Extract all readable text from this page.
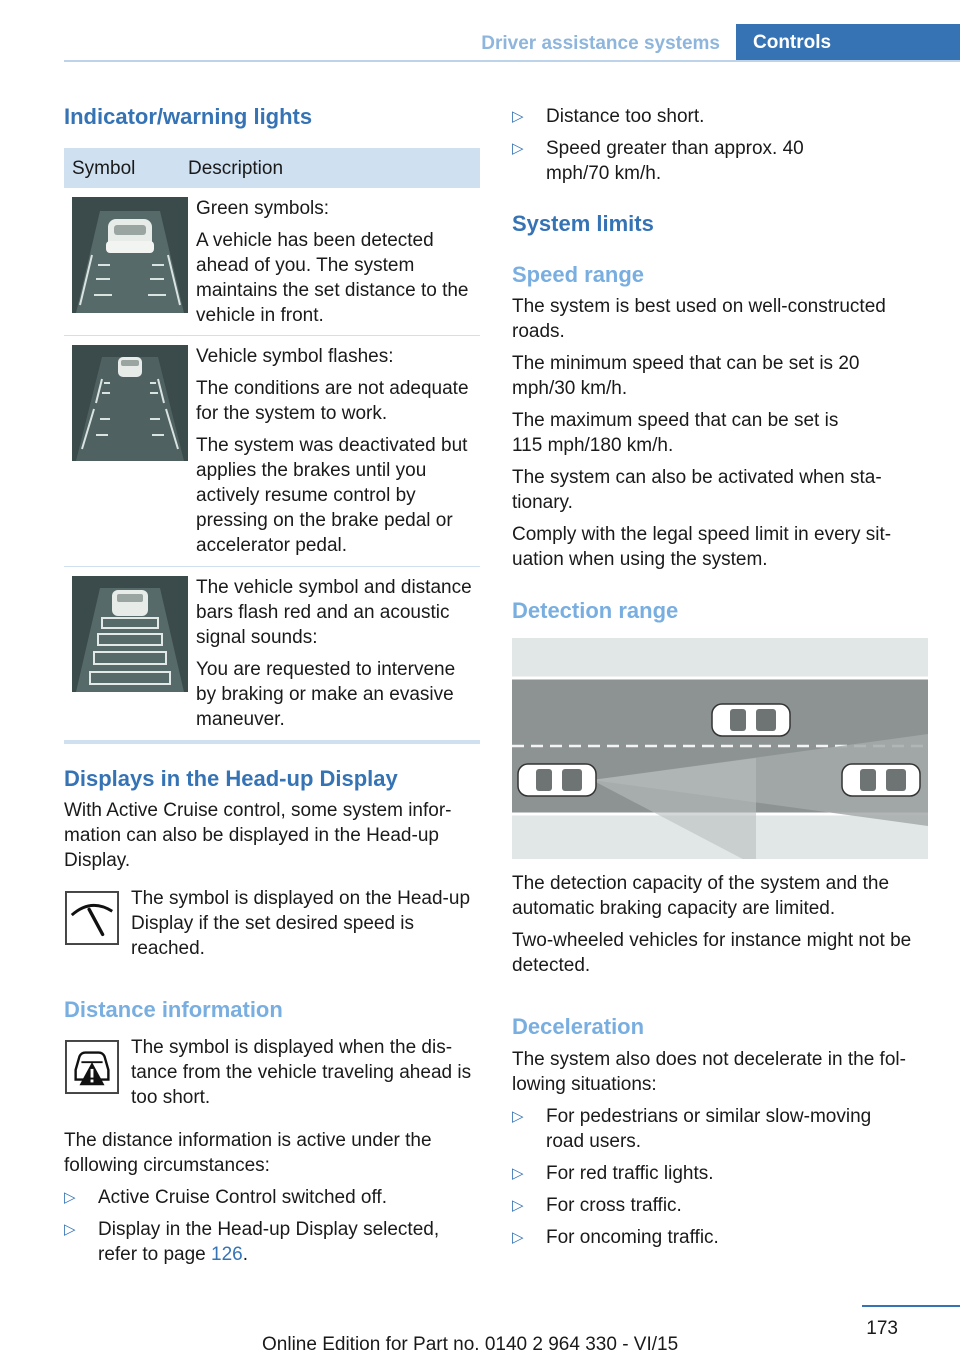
Driver assistance systems	Controls
Indicator/warning lights
Symbol	Description

Green symbols:

A vehicle has been detected ahead of you. The system maintains the set distance to the vehicle in front.

Vehicle symbol flashes:

The conditions are not adequate for the system to work.

The system was deactivated but applies the brakes until you actively resume control by pressing on the brake pedal or accelerator pedal.

The vehicle symbol and distance bars flash red and an acoustic signal sounds:

You are requested to intervene by braking or make an evasive maneuver.

Displays in the Head-up Display
With Active Cruise control, some system information can also be displayed in the Head-up Display.
The symbol is displayed on the Head-up Display if the set desired speed is reached.
Distance information
The symbol is displayed when the distance from the vehicle traveling ahead is too short.
The distance information is active under the following circumstances:
▷ Active Cruise Control switched off.
▷ Display in the Head-up Display selected, refer to page 126.
▷ Distance too short.
▷ Speed greater than approx. 40 mph/70 km/h.
System limits
Speed range
The system is best used on well-constructed roads.
The minimum speed that can be set is 20 mph/30 km/h.
The maximum speed that can be set is 115 mph/180 km/h.
The system can also be activated when stationary.
Comply with the legal speed limit in every situation when using the system.
Detection range
The detection capacity of the system and the automatic braking capacity are limited.
Two-wheeled vehicles for instance might not be detected.
Deceleration
The system also does not decelerate in the following situations:
▷ For pedestrians or similar slow-moving road users.
▷ For red traffic lights.
▷ For cross traffic.
▷ For oncoming traffic.
173
Online Edition for Part no. 0140 2 964 330 - VI/15
